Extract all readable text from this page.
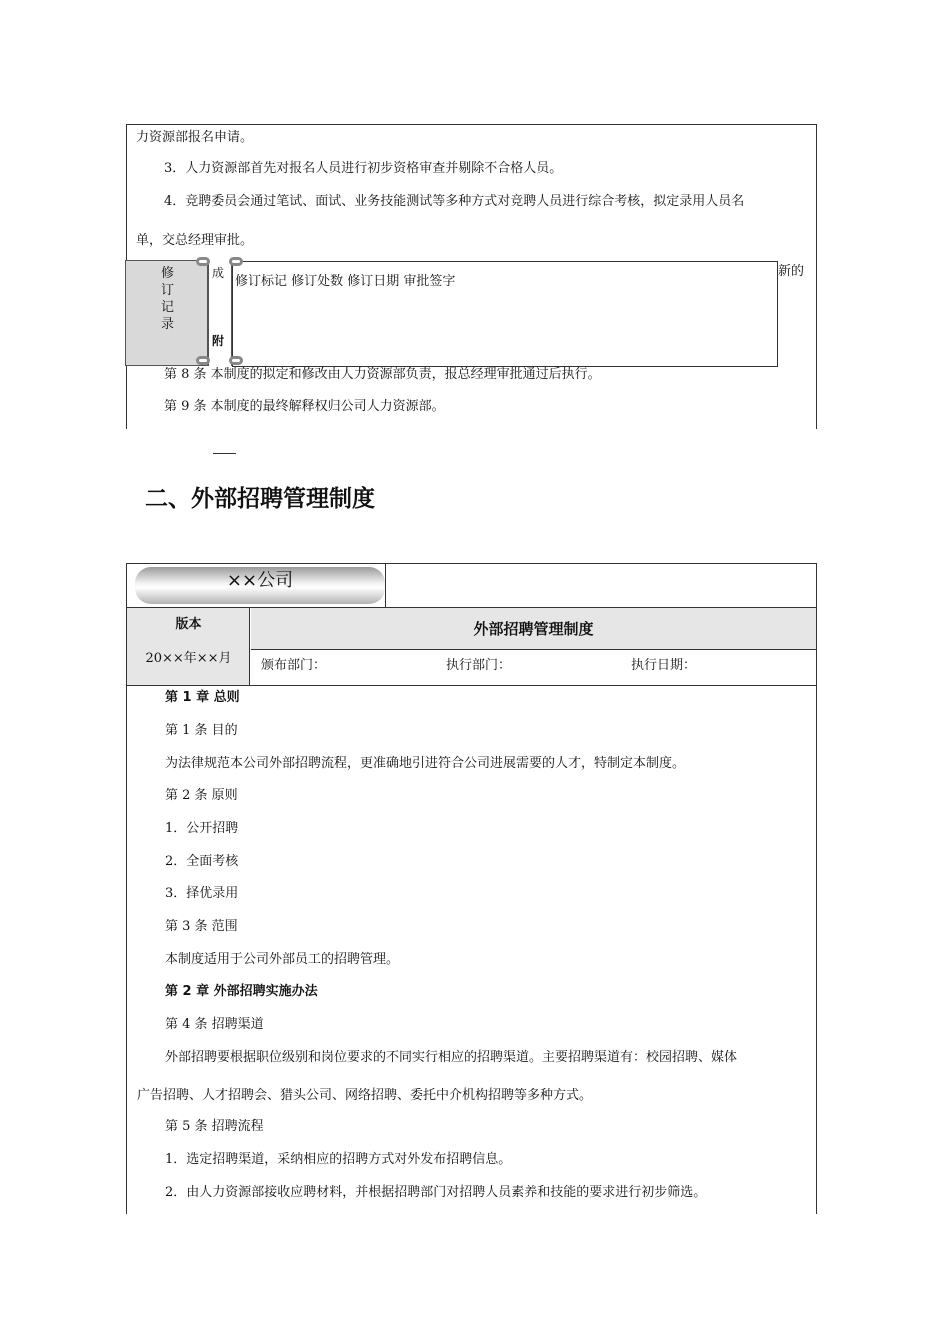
力资源部报名申请。
3．人力资源部首先对报名人员进行初步资格审查并剔除不合格人员。
4．竞聘委员会通过笔试、面试、业务技能测试等多种方式对竞聘人员进行综合考核，拟定录用人员名
单，交总经理审批。
新的
第 8 条 本制度的拟定和修改由人力资源部负责，报总经理审批通过后执行。
第 9 条 本制度的最终解释权归公司人力资源部。
修订记录
成
附
修订标记 修订处数 修订日期 审批签字
二、外部招聘管理制度
××公司
版本
20××年××月
外部招聘管理制度
颁布部门：	执行部门：	执行日期：
第 1 章 总则
第 1 条 目的
为法律规范本公司外部招聘流程，更准确地引进符合公司进展需要的人才，特制定本制度。
第 2 条 原则
1．公开招聘
2．全面考核
3．择优录用
第 3 条 范围
本制度适用于公司外部员工的招聘管理。
第 2 章 外部招聘实施办法
第 4 条 招聘渠道
外部招聘要根据职位级别和岗位要求的不同实行相应的招聘渠道。主要招聘渠道有：校园招聘、媒体
广告招聘、人才招聘会、猎头公司、网络招聘、委托中介机构招聘等多种方式。
第 5 条 招聘流程
1．选定招聘渠道，采纳相应的招聘方式对外发布招聘信息。
2．由人力资源部接收应聘材料，并根据招聘部门对招聘人员素养和技能的要求进行初步筛选。
